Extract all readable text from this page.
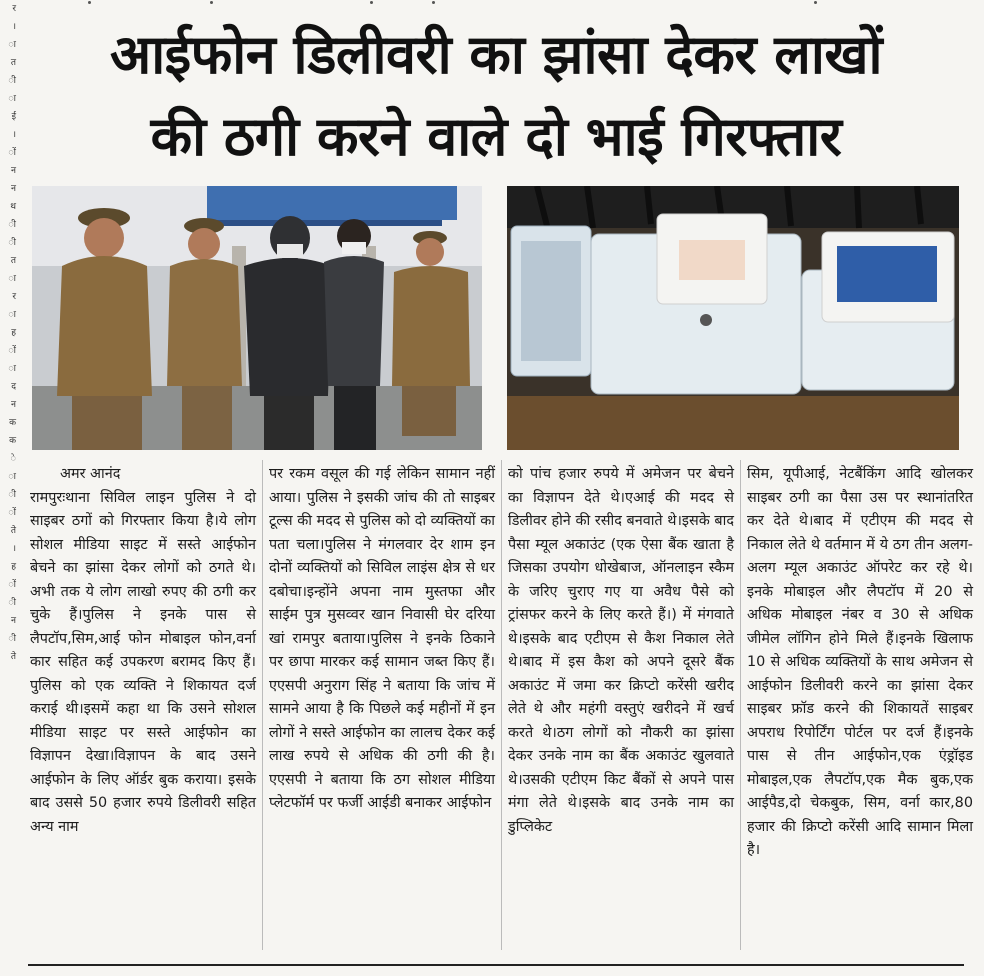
र
।
ा
त
ी
ा
ई
।
ों
न
न
थ
ी
ी
त
ा
र
ा
ह
ों
ा
द
न
क
क
े
ा
ी
ों
ते
।
ह
ों
ी
न
ी
ते
आईफोन डिलीवरी का झांसा देकर लाखों
की ठगी करने वाले दो भाई गिरफ्तार

अमर आनंद

रामपुरःथाना सिविल लाइन पुलिस ने दो साइबर ठगों को गिरफ्तार किया है।ये लोग सोशल मीडिया साइट में सस्ते आईफोन बेचने का झांसा देकर लोगों को ठगते थे।अभी तक ये लोग लाखो रुपए की ठगी कर चुके हैं।पुलिस ने इनके पास से लैपटॉप,सिम,आई फोन मोबाइल फोन,वर्ना कार सहित कई उपकरण बरामद किए हैं। पुलिस को एक व्यक्ति ने शिकायत दर्ज कराई थी।इसमें कहा था कि उसने सोशल मीडिया साइट पर सस्ते आईफोन का विज्ञापन देखा।विज्ञापन के बाद उसने आईफोन के लिए ऑर्डर बुक कराया। इसके बाद उससे 50 हजार रुपये डिलीवरी सहित अन्य नाम

पर रकम वसूल की गई लेकिन सामान नहीं आया। पुलिस ने इसकी जांच की तो साइबर टूल्स की मदद से पुलिस को दो व्यक्तियों का पता चला।पुलिस ने मंगलवार देर शाम इन दोनों व्यक्तियों को सिविल लाइंस क्षेत्र से धर दबोचा।इन्होंने अपना नाम मुस्तफा और साईम पुत्र मुसव्वर खान निवासी घेर दरिया खां रामपुर बताया।पुलिस ने इनके ठिकाने पर छापा मारकर कई सामान जब्त किए हैं। एएसपी अनुराग सिंह ने बताया कि जांच में सामने आया है कि पिछले कई महीनों में इन लोगों ने सस्ते आईफोन का लालच देकर कई लाख रुपये से अधिक की ठगी की है।एएसपी ने बताया कि ठग सोशल मीडिया प्लेटफॉर्म पर फर्जी आईडी बनाकर आईफोन

को पांच हजार रुपये में अमेजन पर बेचने का विज्ञापन देते थे।एआई की मदद से डिलीवर होने की रसीद बनवाते थे।इसके बाद पैसा म्यूल अकाउंट (एक ऐसा बैंक खाता है जिसका उपयोग धोखेबाज, ऑनलाइन स्कैम के जरिए चुराए गए या अवैध पैसे को ट्रांसफर करने के लिए करते हैं।) में मंगवाते थे।इसके बाद एटीएम से कैश निकाल लेते थे।बाद में इस कैश को अपने दूसरे बैंक अकाउंट में जमा कर क्रिप्टो करेंसी खरीद लेते थे और महंगी वस्तुएं खरीदने में खर्च करते थे।ठग लोगों को नौकरी का झांसा देकर उनके नाम का बैंक अकाउंट खुलवाते थे।उसकी एटीएम किट बैंकों से अपने पास मंगा लेते थे।इसके बाद उनके नाम का डुप्लिकेट

सिम, यूपीआई, नेटबैंकिंग आदि खोलकर साइबर ठगी का पैसा उस पर स्थानांतरित कर देते थे।बाद में एटीएम की मदद से निकाल लेते थे वर्तमान में ये ठग तीन अलग-अलग म्यूल अकाउंट ऑपरेट कर रहे थे।इनके मोबाइल और लैपटॉप में 20 से अधिक मोबाइल नंबर व 30 से अधिक जीमेल लॉगिन होने मिले हैं।इनके खिलाफ 10 से अधिक व्यक्तियों के साथ अमेजन से आईफोन डिलीवरी करने का झांसा देकर साइबर फ्रॉड करने की शिकायतें साइबर अपराध रिपोर्टिंग पोर्टल पर दर्ज हैं।इनके पास से तीन आईफोन,एक एंड्रॉइड मोबाइल,एक लैपटॉप,एक मैक बुक,एक आईपैड,दो चेकबुक, सिम, वर्ना कार,80 हजार की क्रिप्टो करेंसी आदि सामान मिला है।
